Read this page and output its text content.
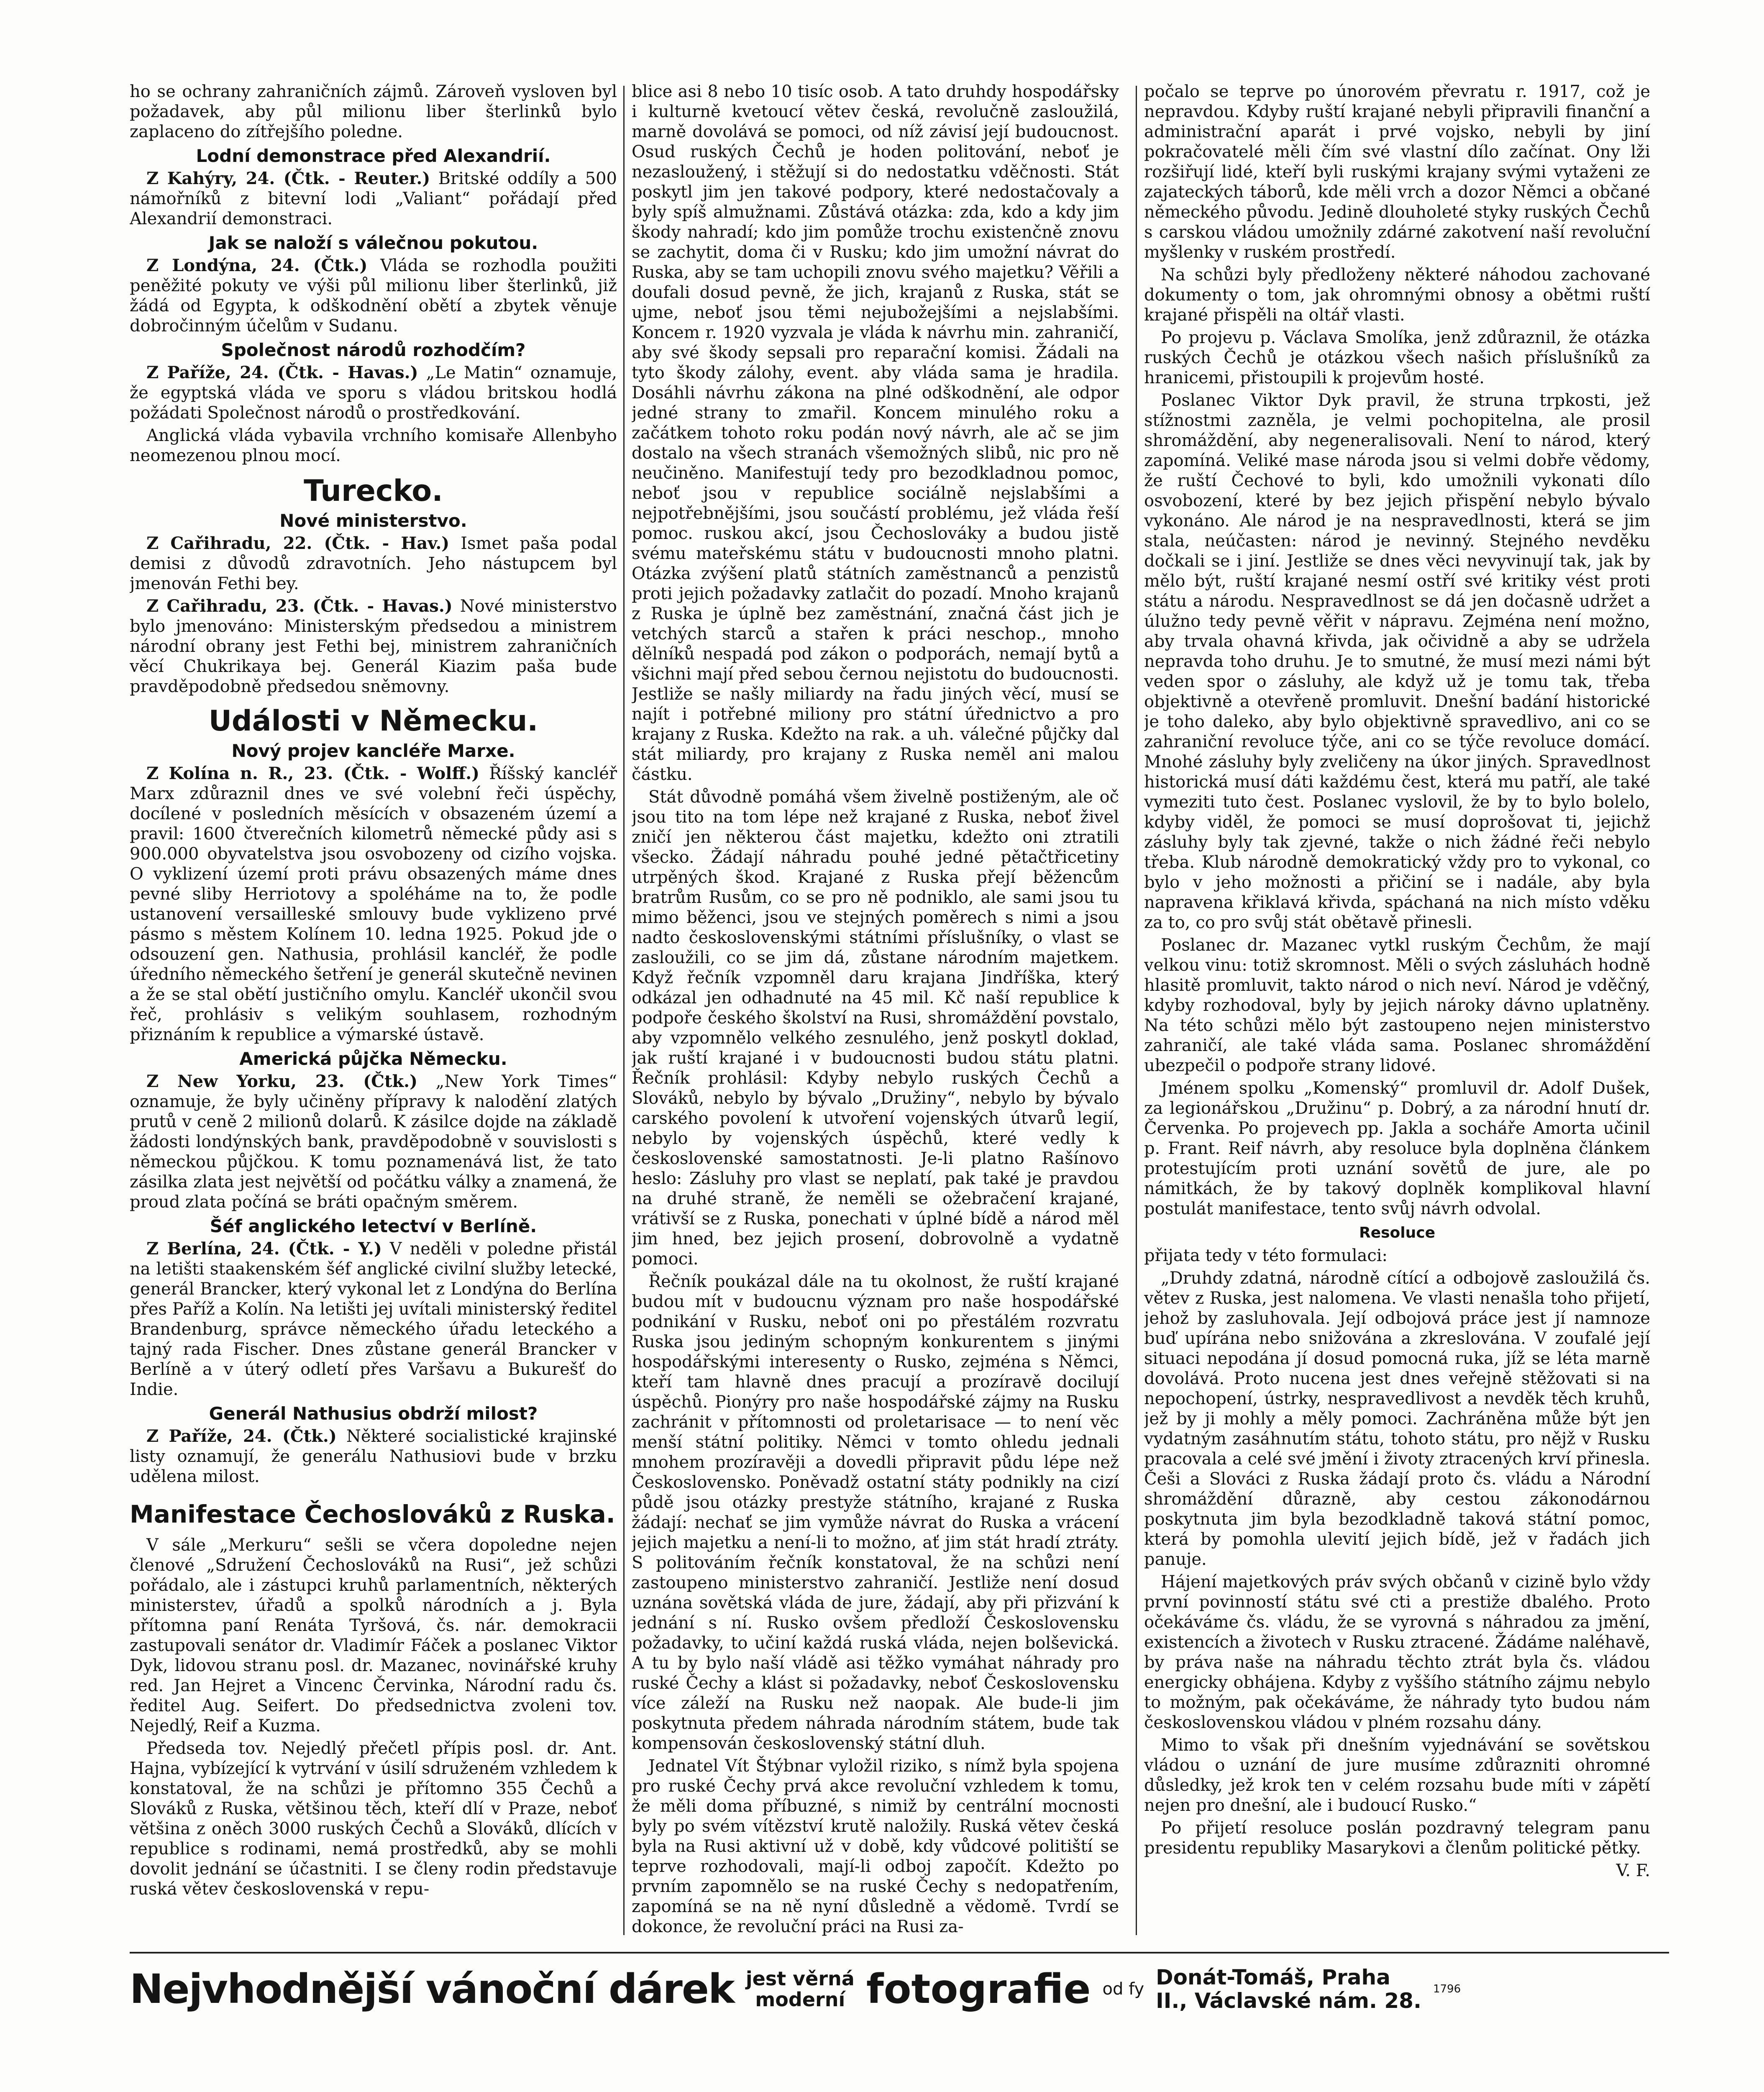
ho se ochrany zahraničních zájmů. Zároveň vysloven byl požadavek, aby půl milionu liber šterlinků bylo zaplaceno do zítřejšího poledne.

Lodní demonstrace před Alexandrií.

Z Kahýry, 24. (Čtk. - Reuter.) Britské oddíly a 500 námořníků z bitevní lodi „Valiant“ pořádají před Alexandrií demonstraci.

Jak se naloží s válečnou pokutou.

Z Londýna, 24. (Čtk.) Vláda se rozhodla použiti peněžité pokuty ve výši půl milionu liber šterlinků, již žádá od Egypta, k odškodnění obětí a zbytek věnuje dobročinným účelům v Sudanu.

Společnost národů rozhodčím?

Z Paříže, 24. (Čtk. - Havas.) „Le Matin“ oznamuje, že egyptská vláda ve sporu s vládou britskou hodlá požádati Společnost národů o prostředkování.

Anglická vláda vybavila vrchního komisaře Allenbyho neomezenou plnou mocí.

Turecko.
Nové ministerstvo.

Z Cařihradu, 22. (Čtk. - Hav.) Ismet paša podal demisi z důvodů zdravotních. Jeho nástupcem byl jmenován Fethi bey.

Z Cařihradu, 23. (Čtk. - Havas.) Nové ministerstvo bylo jmenováno: Ministerským předsedou a ministrem národní obrany jest Fethi bej, ministrem zahraničních věcí Chukrikaya bej. Generál Kiazim paša bude pravděpodobně předsedou sněmovny.

Události v Německu.
Nový projev kancléře Marxe.

Z Kolína n. R., 23. (Čtk. - Wolff.) Říšský kancléř Marx zdůraznil dnes ve své volební řeči úspěchy, docílené v posledních měsících v obsazeném území a pravil: 1600 čtverečních kilometrů německé půdy asi s 900.000 obyvatelstva jsou osvobozeny od cizího vojska. O vyklizení území proti právu obsazených máme dnes pevné sliby Herriotovy a spoléháme na to, že podle ustanovení versailleské smlouvy bude vyklizeno prvé pásmo s městem Kolínem 10. ledna 1925. Pokud jde o odsouzení gen. Nathusia, prohlásil kancléř, že podle úředního německého šetření je generál skutečně nevinen a že se stal obětí justičního omylu. Kancléř ukončil svou řeč, prohlásiv s velikým souhlasem, rozhodným přiznáním k republice a výmarské ústavě.

Americká půjčka Německu.

Z New Yorku, 23. (Čtk.) „New York Times“ oznamuje, že byly učiněny přípravy k nalodění zlatých prutů v ceně 2 milionů dolarů. K zásilce dojde na základě žádosti londýnských bank, pravděpodobně v souvislosti s německou půjčkou. K tomu poznamenává list, že tato zásilka zlata jest největší od počátku války a znamená, že proud zlata počíná se bráti opačným směrem.

Šéf anglického letectví v Berlíně.

Z Berlína, 24. (Čtk. - Y.) V neděli v poledne přistál na letišti staakenském šéf anglické civilní služby letecké, generál Brancker, který vykonal let z Londýna do Berlína přes Paříž a Kolín. Na letišti jej uvítali ministerský ředitel Brandenburg, správce německého úřadu leteckého a tajný rada Fischer. Dnes zůstane generál Brancker v Berlíně a v úterý odletí přes Varšavu a Bukurešť do Indie.

Generál Nathusius obdrží milost?

Z Paříže, 24. (Čtk.) Některé socialistické krajinské listy oznamují, že generálu Nathusiovi bude v brzku udělena milost.

Manifestace Čechoslováků z Ruska.

V sále „Merkuru“ sešli se včera dopoledne nejen členové „Sdružení Čechoslováků na Rusi“, jež schůzi pořádalo, ale i zástupci kruhů parlamentních, některých ministerstev, úřadů a spolků národních a j. Byla přítomna paní Renáta Tyršová, čs. nár. demokracii zastupovali senátor dr. Vladimír Fáček a poslanec Viktor Dyk, lidovou stranu posl. dr. Mazanec, novinářské kruhy red. Jan Hejret a Vincenc Červinka, Národní radu čs. ředitel Aug. Seifert. Do předsednictva zvoleni tov. Nejedlý, Reif a Kuzma.

Předseda tov. Nejedlý přečetl přípis posl. dr. Ant. Hajna, vybízející k vytrvání v úsilí sdruženém vzhledem k konstatoval, že na schůzi je přítomno 355 Čechů a Slováků z Ruska, většinou těch, kteří dlí v Praze, neboť většina z oněch 3000 ruských Čechů a Slováků, dlících v republice s rodinami, nemá prostředků, aby se mohli dovolit jednání se účastniti. I se členy rodin představuje ruská větev československá v repu-

blice asi 8 nebo 10 tisíc osob. A tato druhdy hospodářsky i kulturně kvetoucí větev česká, revolučně zasloužilá, marně dovolává se pomoci, od níž závisí její budoucnost. Osud ruských Čechů je hoden politování, neboť je nezasloužený, i stěžují si do nedostatku vděčnosti. Stát poskytl jim jen takové podpory, které nedostačovaly a byly spíš almužnami. Zůstává otázka: zda, kdo a kdy jim škody nahradí; kdo jim pomůže trochu existenčně znovu se zachytit, doma či v Rusku; kdo jim umožní návrat do Ruska, aby se tam uchopili znovu svého majetku? Věřili a doufali dosud pevně, že jich, krajanů z Ruska, stát se ujme, neboť jsou těmi nejubožejšími a nejslabšími. Koncem r. 1920 vyzvala je vláda k návrhu min. zahraničí, aby své škody sepsali pro reparační komisi. Žádali na tyto škody zálohy, event. aby vláda sama je hradila. Dosáhli návrhu zákona na plné odškodnění, ale odpor jedné strany to zmařil. Koncem minulého roku a začátkem tohoto roku podán nový návrh, ale ač se jim dostalo na všech stranách všemožných slibů, nic pro ně neučiněno. Manifestují tedy pro bezodkladnou pomoc, neboť jsou v republice sociálně nejslabšími a nejpotřebnějšími, jsou součástí problému, jež vláda řeší pomoc. ruskou akcí, jsou Čechoslováky a budou jistě svému mateřskému státu v budoucnosti mnoho platni. Otázka zvýšení platů státních zaměstnanců a penzistů proti jejich požadavky zatlačit do pozadí. Mnoho krajanů z Ruska je úplně bez zaměstnání, značná část jich je vetchých starců a stařen k práci neschop., mnoho dělníků nespadá pod zákon o podporách, nemají bytů a všichni mají před sebou černou nejistotu do budoucnosti. Jestliže se našly miliardy na řadu jiných věcí, musí se najít i potřebné miliony pro státní úřednictvo a pro krajany z Ruska. Kdežto na rak. a uh. válečné půjčky dal stát miliardy, pro krajany z Ruska neměl ani malou částku.

Stát důvodně pomáhá všem živelně postiženým, ale oč jsou tito na tom lépe než krajané z Ruska, neboť živel zničí jen některou část majetku, kdežto oni ztratili všecko. Žádají náhradu pouhé jedné pětačtřicetiny utrpěných škod. Krajané z Ruska přejí běžencům bratrům Rusům, co se pro ně podniklo, ale sami jsou tu mimo běženci, jsou ve stejných poměrech s nimi a jsou nadto československými státními příslušníky, o vlast se zasloužili, co se jim dá, zůstane národním majetkem. Když řečník vzpomněl daru krajana Jindříška, který odkázal jen odhadnuté na 45 mil. Kč naší republice k podpoře českého školství na Rusi, shromáždění povstalo, aby vzpomnělo velkého zesnulého, jenž poskytl doklad, jak ruští krajané i v budoucnosti budou státu platni. Řečník prohlásil: Kdyby nebylo ruských Čechů a Slováků, nebylo by bývalo „Družiny“, nebylo by bývalo carského povolení k utvoření vojenských útvarů legií, nebylo by vojenských úspěchů, které vedly k československé samostatnosti. Je-li platno Rašínovo heslo: Zásluhy pro vlast se neplatí, pak také je pravdou na druhé straně, že neměli se ožebračení krajané, vrátivší se z Ruska, ponechati v úplné bídě a národ měl jim hned, bez jejich prosení, dobrovolně a vydatně pomoci.

Řečník poukázal dále na tu okolnost, že ruští krajané budou mít v budoucnu význam pro naše hospodářské podnikání v Rusku, neboť oni po přestálém rozvratu Ruska jsou jediným schopným konkurentem s jinými hospodářskými interesenty o Rusko, zejména s Němci, kteří tam hlavně dnes pracují a prozíravě docilují úspěchů. Pionýry pro naše hospodářské zájmy na Rusku zachránit v přítomnosti od proletarisace — to není věc menší státní politiky. Němci v tomto ohledu jednali mnohem prozíravěji a dovedli připravit půdu lépe než Československo. Poněvadž ostatní státy podnikly na cizí půdě jsou otázky prestyže státního, krajané z Ruska žádají: nechať se jim vymůže návrat do Ruska a vrácení jejich majetku a není-li to možno, ať jim stát hradí ztráty. S politováním řečník konstatoval, že na schůzi není zastoupeno ministerstvo zahraničí. Jestliže není dosud uznána sovětská vláda de jure, žádají, aby při přizvání k jednání s ní. Rusko ovšem předloží Československu požadavky, to učiní každá ruská vláda, nejen bolševická. A tu by bylo naší vládě asi těžko vymáhat náhrady pro ruské Čechy a klást si požadavky, neboť Československu více záleží na Rusku než naopak. Ale bude-li jim poskytnuta předem náhrada národním státem, bude tak kompensován československý státní dluh.

Jednatel Vít Štýbnar vyložil riziko, s nímž byla spojena pro ruské Čechy prvá akce revoluční vzhledem k tomu, že měli doma příbuzné, s nimiž by centrální mocnosti byly po svém vítězství krutě naložily. Ruská větev česká byla na Rusi aktivní už v době, kdy vůdcové politiští se teprve rozhodovali, mají-li odboj započít. Kdežto po prvním zapomnělo se na ruské Čechy s nedopatřením, zapomíná se na ně nyní důsledně a vědomě. Tvrdí se dokonce, že revoluční práci na Rusi za-

počalo se teprve po únorovém převratu r. 1917, což je nepravdou. Kdyby ruští krajané nebyli připravili finanční a administrační aparát i prvé vojsko, nebyli by jiní pokračovatelé měli čím své vlastní dílo začínat. Ony lži rozšiřují lidé, kteří byli ruskými krajany svými vytaženi ze zajateckých táborů, kde měli vrch a dozor Němci a občané německého původu. Jedině dlouholeté styky ruských Čechů s carskou vládou umožnily zdárné zakotvení naší revoluční myšlenky v ruském prostředí.

Na schůzi byly předloženy některé náhodou zachované dokumenty o tom, jak ohromnými obnosy a obětmi ruští krajané přispěli na oltář vlasti.

Po projevu p. Václava Smolíka, jenž zdůraznil, že otázka ruských Čechů je otázkou všech našich příslušníků za hranicemi, přistoupili k projevům hosté.

Poslanec Viktor Dyk pravil, že struna trpkosti, jež stížnostmi zazněla, je velmi pochopitelna, ale prosil shromáždění, aby negeneralisovali. Není to národ, který zapomíná. Veliké mase národa jsou si velmi dobře vědomy, že ruští Čechové to byli, kdo umožnili vykonati dílo osvobození, které by bez jejich přispění nebylo bývalo vykonáno. Ale národ je na nespravedlnosti, která se jim stala, neúčasten: národ je nevinný. Stejného nevděku dočkali se i jiní. Jestliže se dnes věci nevyvinují tak, jak by mělo být, ruští krajané nesmí ostří své kritiky vést proti státu a národu. Nespravedlnost se dá jen dočasně udržet a úlužno tedy pevně věřit v nápravu. Zejména není možno, aby trvala ohavná křivda, jak očividně a aby se udržela nepravda toho druhu. Je to smutné, že musí mezi námi být veden spor o zásluhy, ale když už je tomu tak, třeba objektivně a otevřeně promluvit. Dnešní badání historické je toho daleko, aby bylo objektivně spravedlivo, ani co se zahraniční revoluce týče, ani co se týče revoluce domácí. Mnohé zásluhy byly zveličeny na úkor jiných. Spravedlnost historická musí dáti každému čest, která mu patří, ale také vymeziti tuto čest. Poslanec vyslovil, že by to bylo bolelo, kdyby viděl, že pomoci se musí doprošovat ti, jejichž zásluhy byly tak zjevné, takže o nich žádné řeči nebylo třeba. Klub národně demokratický vždy pro to vykonal, co bylo v jeho možnosti a přičiní se i nadále, aby byla napravena křiklavá křivda, spáchaná na nich místo vděku za to, co pro svůj stát obětavě přinesli.

Poslanec dr. Mazanec vytkl ruským Čechům, že mají velkou vinu: totiž skromnost. Měli o svých zásluhách hodně hlasitě promluvit, takto národ o nich neví. Národ je vděčný, kdyby rozhodoval, byly by jejich nároky dávno uplatněny. Na této schůzi mělo být zastoupeno nejen ministerstvo zahraničí, ale také vláda sama. Poslanec shromáždění ubezpečil o podpoře strany lidové.

Jménem spolku „Komenský“ promluvil dr. Adolf Dušek, za legionářskou „Družinu“ p. Dobrý, a za národní hnutí dr. Červenka. Po projevech pp. Jakla a socháře Amorta učinil p. Frant. Reif návrh, aby resoluce byla doplněna článkem protestujícím proti uznání sovětů de jure, ale po námitkách, že by takový doplněk komplikoval hlavní postulát manifestace, tento svůj návrh odvolal.

Resoluce

přijata tedy v této formulaci:

„Druhdy zdatná, národně cítící a odbojově zasloužilá čs. větev z Ruska, jest nalomena. Ve vlasti nenašla toho přijetí, jehož by zasluhovala. Její odbojová práce jest jí namnoze buď upírána nebo snižována a zkreslována. V zoufalé její situaci nepodána jí dosud pomocná ruka, jíž se léta marně dovolává. Proto nucena jest dnes veřejně stěžovati si na nepochopení, ústrky, nespravedlivost a nevděk těch kruhů, jež by ji mohly a měly pomoci. Zachráněna může být jen vydatným zasáhnutím státu, tohoto státu, pro nějž v Rusku pracovala a celé své jmění i životy ztracených krví přinesla. Češi a Slováci z Ruska žádají proto čs. vládu a Národní shromáždění důrazně, aby cestou zákonodárnou poskytnuta jim byla bezodkladně taková státní pomoc, která by pomohla ulevití jejich bídě, jež v řadách jich panuje.

Hájení majetkových práv svých občanů v cizině bylo vždy první povinností státu své cti a prestiže dbalého. Proto očekáváme čs. vládu, že se vyrovná s náhradou za jmění, existencích a životech v Rusku ztracené. Žádáme naléhavě, by práva naše na náhradu těchto ztrát byla čs. vládou energicky obhájena. Kdyby z vyššího státního zájmu nebylo to možným, pak očekáváme, že náhrady tyto budou nám československou vládou v plném rozsahu dány.

Mimo to však při dnešním vyjednávání se sovětskou vládou o uznání de jure musíme zdůrazniti ohromné důsledky, jež krok ten v celém rozsahu bude míti v zápětí nejen pro dnešní, ale i budoucí Rusko.“

Po přijetí resoluce poslán pozdravný telegram panu presidentu republiky Masarykovi a členům politické pětky.

V. F.
Nejvhodnější vánoční dárek jest věrná
moderní fotografie od fy Donát-Tomáš, Praha
II., Václavské nám. 28. 1796
